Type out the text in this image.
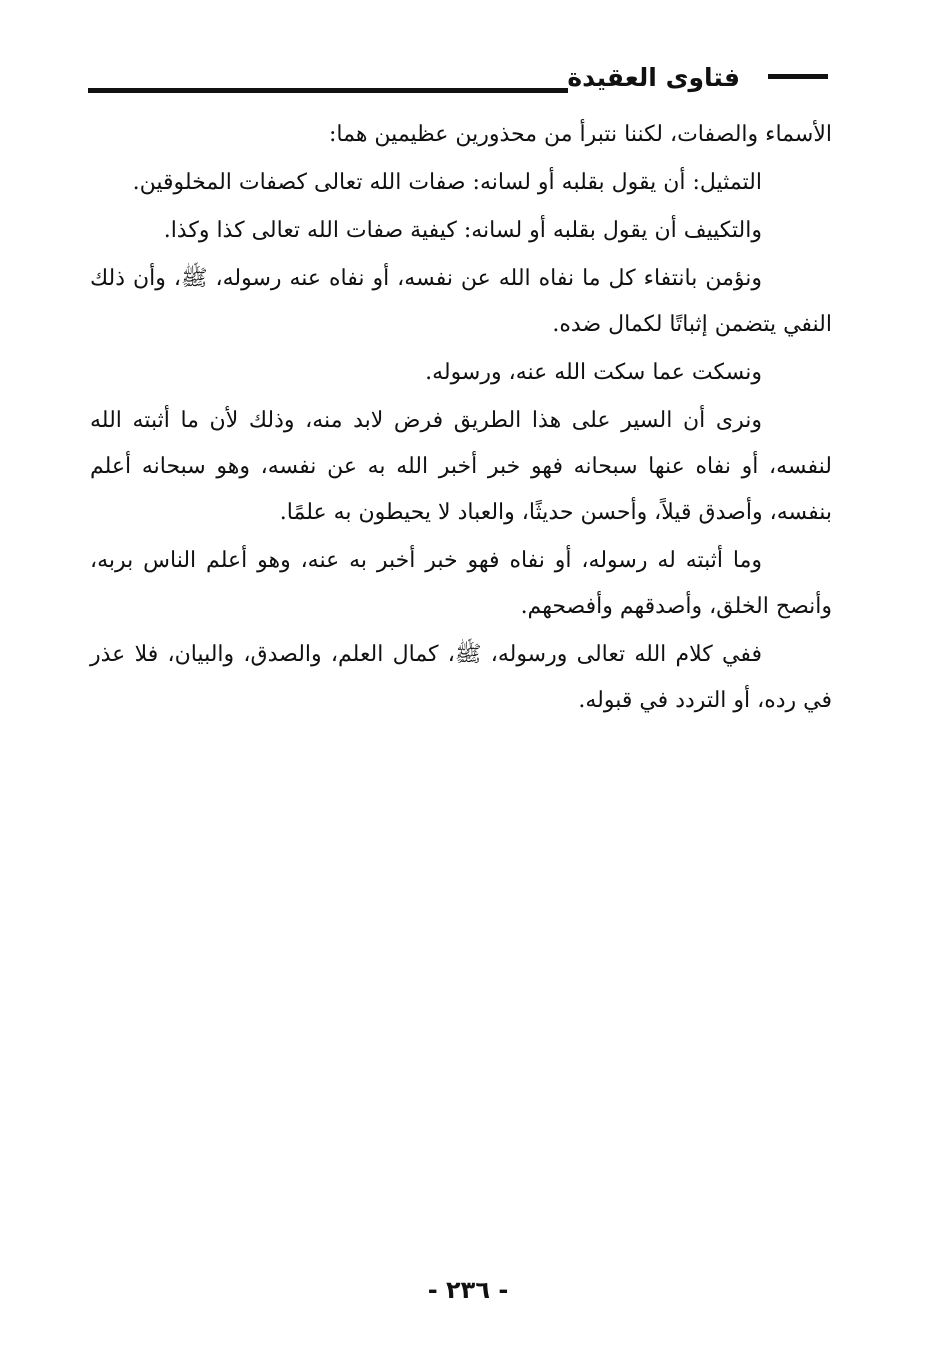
فتاوى العقيدة

الأسماء والصفات، لكننا نتبرأ من محذورين عظيمين هما:

التمثيل: أن يقول بقلبه أو لسانه: صفات الله تعالى كصفات المخلوقين.

والتكييف أن يقول بقلبه أو لسانه: كيفية صفات الله تعالى كذا وكذا.

ونؤمن بانتفاء كل ما نفاه الله عن نفسه، أو نفاه عنه رسوله، ﷺ، وأن ذلك النفي يتضمن إثباتًا لكمال ضده.

ونسكت عما سكت الله عنه، ورسوله.

ونرى أن السير على هذا الطريق فرض لابد منه، وذلك لأن ما أثبته الله لنفسه، أو نفاه عنها سبحانه فهو خبر أخبر الله به عن نفسه، وهو سبحانه أعلم بنفسه، وأصدق قيلاً، وأحسن حديثًا، والعباد لا يحيطون به علمًا.

وما أثبته له رسوله، أو نفاه فهو خبر أخبر به عنه، وهو أعلم الناس بربه، وأنصح الخلق، وأصدقهم وأفصحهم.

ففي كلام الله تعالى ورسوله، ﷺ، كمال العلم، والصدق، والبيان، فلا عذر في رده، أو التردد في قبوله.

- ٢٣٦ -
